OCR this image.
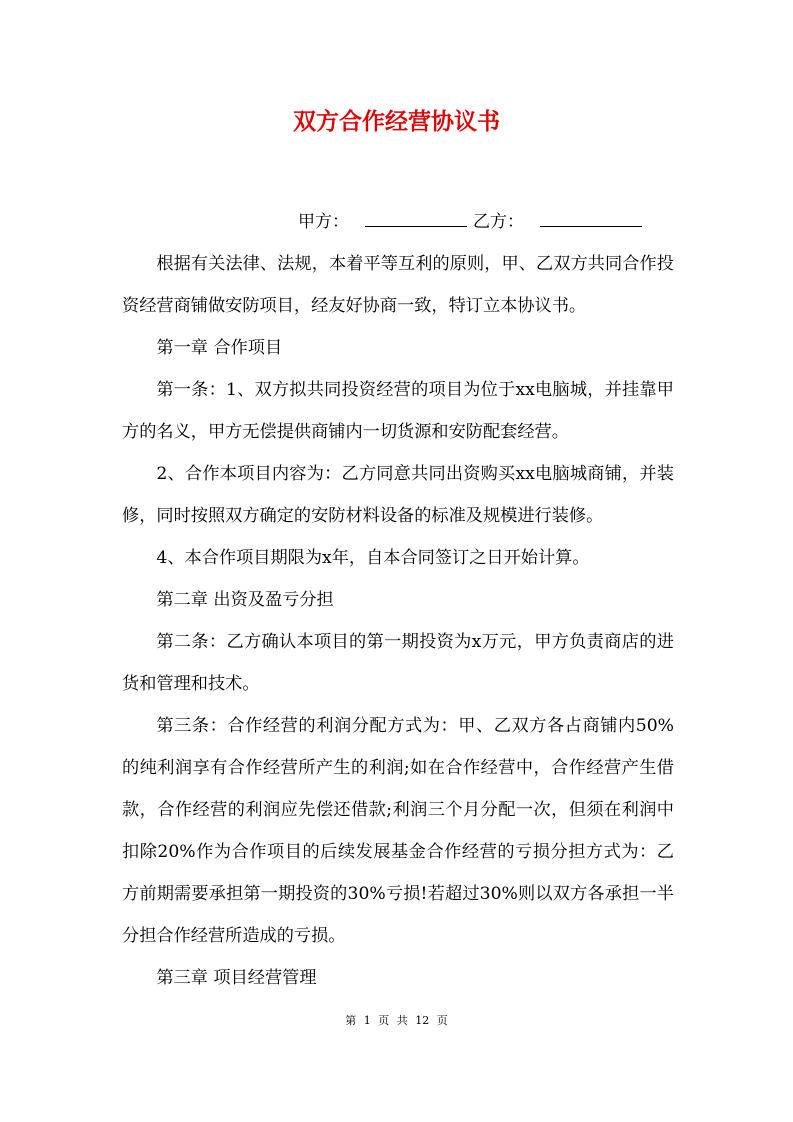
双方合作经营协议书
甲方：	乙方：

根据有关法律、法规，本着平等互利的原则，甲、乙双方共同合作投资经营商铺做安防项目，经友好协商一致，特订立本协议书。

第一章 合作项目

第一条：1、双方拟共同投资经营的项目为位于xx电脑城，并挂靠甲方的名义，甲方无偿提供商铺内一切货源和安防配套经营。

2、合作本项目内容为：乙方同意共同出资购买xx电脑城商铺，并装修，同时按照双方确定的安防材料设备的标准及规模进行装修。

4、本合作项目期限为x年，自本合同签订之日开始计算。

第二章 出资及盈亏分担

第二条：乙方确认本项目的第一期投资为x万元，甲方负责商店的进货和管理和技术。

第三条：合作经营的利润分配方式为：甲、乙双方各占商铺内50%的纯利润享有合作经营所产生的利润;如在合作经营中，合作经营产生借款，合作经营的利润应先偿还借款;利润三个月分配一次，但须在利润中扣除20%作为合作项目的后续发展基金合作经营的亏损分担方式为：乙方前期需要承担第一期投资的30%亏损!若超过30%则以双方各承担一半分担合作经营所造成的亏损。

第三章 项目经营管理

第 1 页 共 12 页
